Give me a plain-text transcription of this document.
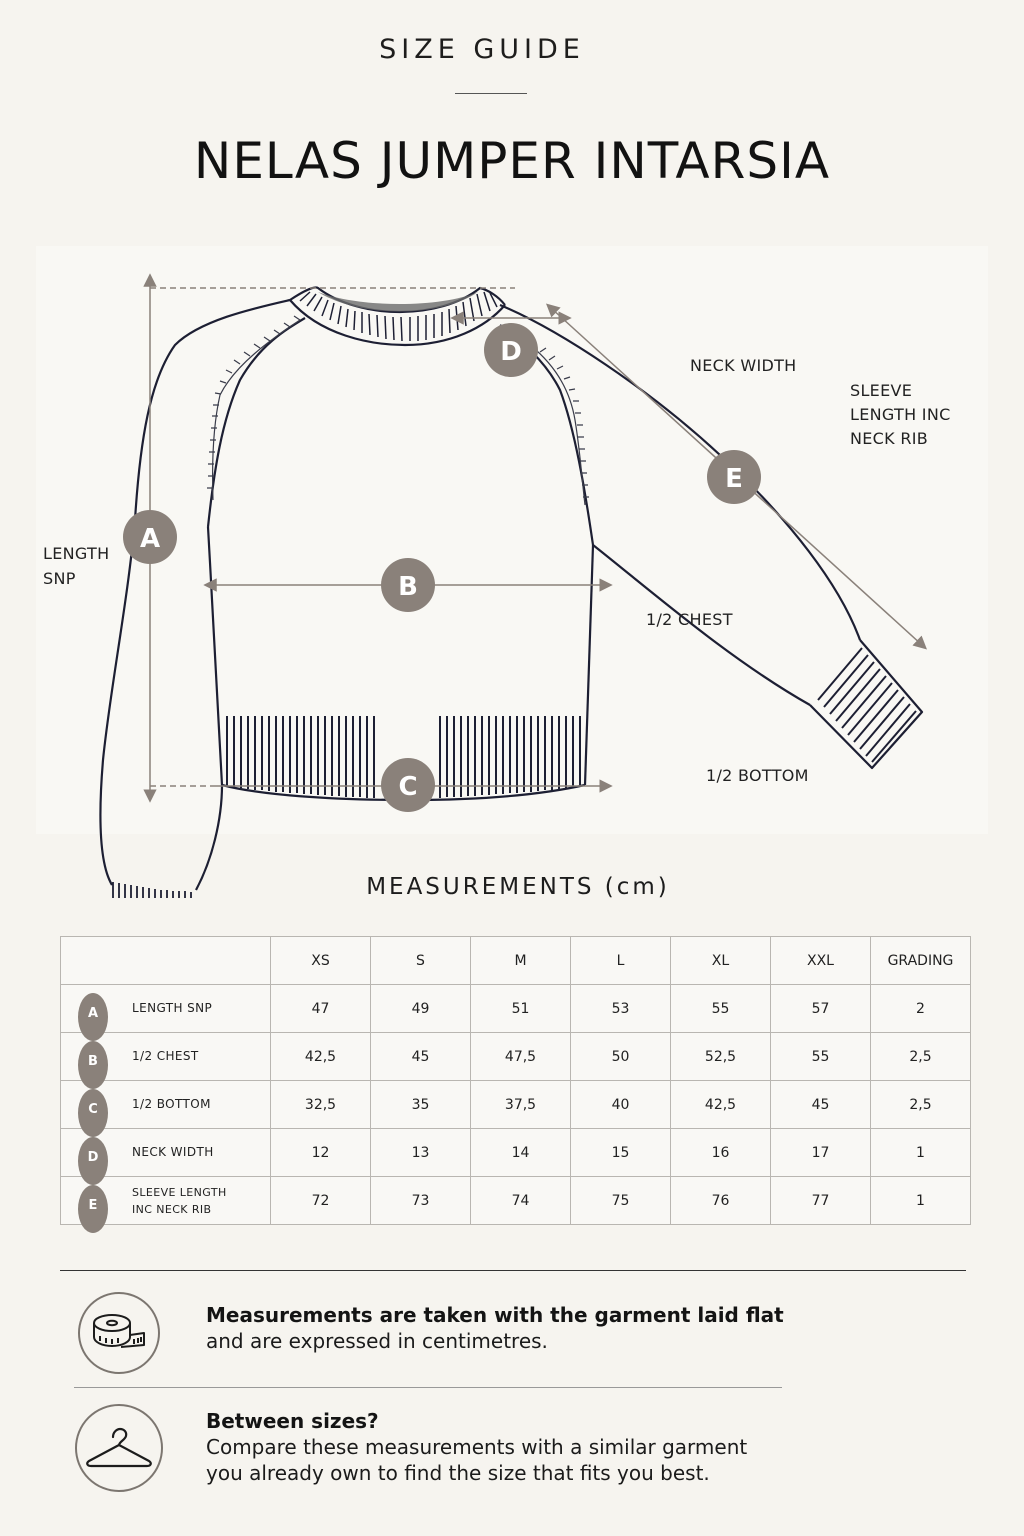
SIZE GUIDE
NELAS JUMPER INTARSIA
A
B
C
D
E
LENGTH
SNP
NECK WIDTH
SLEEVE
LENGTH INC
NECK RIB
1/2 CHEST
1/2 BOTTOM
MEASUREMENTS (cm)
	XS	S	M	L	XL	XXL	GRADING

A LENGTH SNP	47	49	51	53	55	57	2

B 1/2 CHEST	42,5	45	47,5	50	52,5	55	2,5

C 1/2 BOTTOM	32,5	35	37,5	40	42,5	45	2,5

D NECK WIDTH	12	13	14	15	16	17	1

E
SLEEVE LENGTH
INC NECK RIB	72	73	74	75	76	77	1
Measurements are taken with the garment laid flat
and are expressed in centimetres.
Between sizes?
Compare these measurements with a similar garment
you already own to find the size that fits you best.
